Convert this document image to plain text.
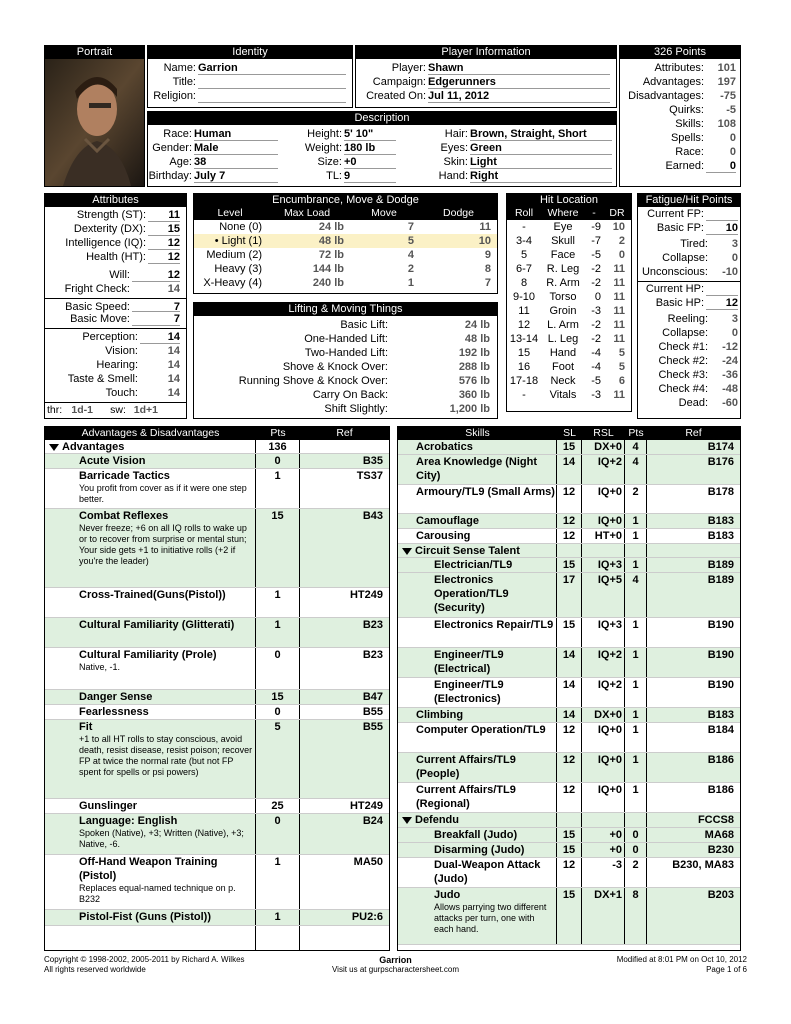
Portrait	Identity
Name: Garrion
Title:
Religion:
Player Information
Player: Shawn
Campaign: Edgerunners
Created On: Jul 11, 2012
326 Points
Attributes:	101
Advantages:	197
Disadvantages:	-75
Quirks:	-5
Skills:	108
Spells:	0
Race:	0
Earned:	0
Description
Race: Human
Gender: Male
Age: 38
Birthday: July 7
Height: 5' 10"
Weight: 180 lb
Size: +0
TL: 9
Hair: Brown, Straight, Short
Eyes: Green
Skin: Light
Hand: Right
Attributes
Strength (ST):	11
Dexterity (DX):	15
Intelligence (IQ):	12
Health (HT):	12
Will:	12
Fright Check:	14
Basic Speed:	7
Basic Move:	7
Perception:	14
Vision:	14
Hearing:	14
Taste & Smell:	14
Touch:	14
thr: 1d-1	sw: 1d+1
Encumbrance, Move & Dodge
Level	Max Load	Move	Dodge
None (0)	24 lb	7	11
• Light (1)	48 lb	5	10
Medium (2)	72 lb	4	9
Heavy (3)	144 lb	2	8
X-Heavy (4)	240 lb	1	7
Lifting & Moving Things
Basic Lift:	24 lb
One-Handed Lift:	48 lb
Two-Handed Lift:	192 lb
Shove & Knock Over:	288 lb
Running Shove & Knock Over:	576 lb
Carry On Back:	360 lb
Shift Slightly:	1,200 lb
Hit Location
Roll	Where	-	DR
-	Eye	-9	10
3-4	Skull	-7	2
5	Face	-5	0
6-7	R. Leg	-2	11
8	R. Arm	-2	11
9-10	Torso	0	11
11	Groin	-3	11
12	L. Arm	-2	11
13-14 L. Leg	-2	11
15	Hand	-4	5
16	Foot	-4	5
17-18	Neck	-5	6
-	Vitals	-3	11
Fatigue/Hit Points
Current FP:
Basic FP:	10
Tired:	3
Collapse:	0
Unconscious:	-10
Current HP:
Basic HP:	12
Reeling:	3
Collapse:	0
Check #1:	-12
Check #2:	-24
Check #3:	-36
Check #4:	-48
Dead:	-60
Advantages & Disadvantages	Pts	Ref
Advantages	136
Acute Vision	0	B35
Barricade Tactics
You profit from cover as if it were one step better.
1	TS37
Combat Reflexes
Never freeze; +6 on all IQ rolls to wake up or to recover from surprise or mental stun; Your side gets +1 to initiative rolls (+2 if you're the leader)
15	B43
Cross-Trained(Guns(Pistol))	1	HT249
Cultural Familiarity (Glitterati)	1	B23
Cultural Familiarity (Prole)
Native, -1.
0	B23
Danger Sense	15	B47
Fearlessness	0	B55
Fit
+1 to all HT rolls to stay conscious, avoid death, resist disease, resist poison; recover FP at twice the normal rate (but not FP spent for spells or psi powers)
5	B55
Gunslinger	25	HT249
Language: English
Spoken (Native), +3; Written (Native), +3; Native, -6.
0	B24
Off-Hand Weapon Training (Pistol)
Replaces equal-named technique on p. B232
1	MA50
Pistol-Fist (Guns (Pistol))	1	PU2:6
Skills	SL	RSL	Pts	Ref
Acrobatics	15	DX+0 4	B174
Area Knowledge (Night City)
14	IQ+2 4	B176
Armoury/TL9 (Small Arms) 12	IQ+0 2	B178
Camouflage	12	IQ+0 1	B183
Carousing	12	HT+0 1	B183
Circuit Sense Talent
Electrician/TL9	15	IQ+3 1	B189
Electronics Operation/TL9 (Security)
17	IQ+5 4	B189
Electronics Repair/TL9 15	IQ+3 1	B190
Engineer/TL9 (Electrical)
14	IQ+2 1	B190
Engineer/TL9 (Electronics)
14	IQ+2 1	B190
Climbing	14	DX+0 1	B183
Computer Operation/TL9	12	IQ+0 1	B184
Current Affairs/TL9 (People)
12	IQ+0 1	B186
Current Affairs/TL9 (Regional)
12	IQ+0 1	B186
Defendu	FCCS8
Breakfall (Judo)	15	+0 0	MA68
Disarming (Judo)	15	+0 0	B230
Dual-Weapon Attack (Judo)
12	-3 2	B230, MA83
Judo
Allows parrying two different attacks per turn, one with each hand.
15	DX+1 8	B203
Copyright © 1998-2002, 2005-2011 by Richard A. Wilkes
All rights reserved worldwide
Garrion
Visit us at gurpscharactersheet.com
Modified at 8:01 PM on Oct 10, 2012
Page 1 of 6
